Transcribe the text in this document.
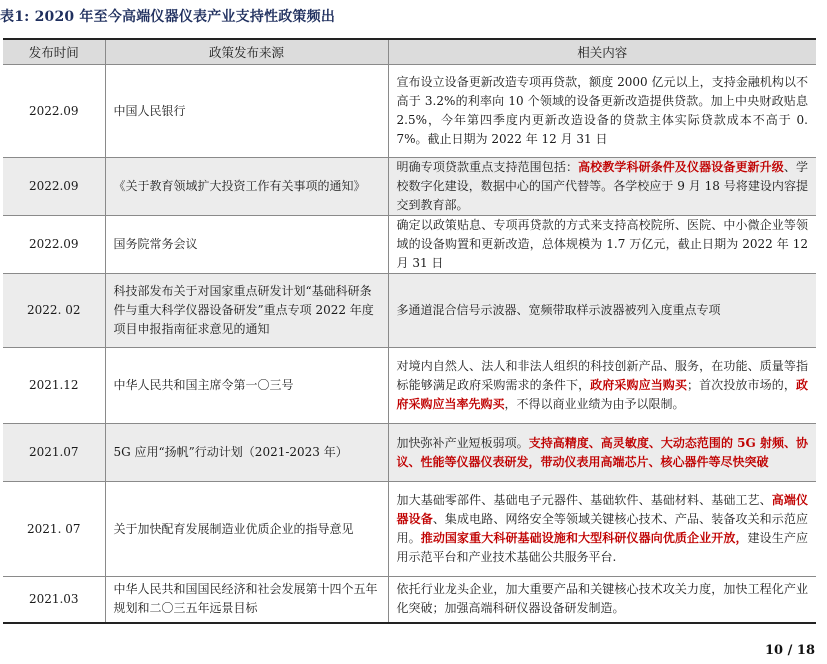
表1: 2020 年至今高端仪器仪表产业支持性政策频出
发布时间	政策发布来源	相关内容
2022.09	中国人民银行	宣布设立设备更新改造专项再贷款，额度 2000 亿元以上，支持金融机构以不高于 3.2%的利率向 10 个领域的设备更新改造提供贷款。加上中央财政贴息 2.5%，今年第四季度内更新改造设备的贷款主体实际贷款成本不高于 0.7%。截止日期为 2022 年 12 月 31 日
2022.09	《关于教育领域扩大投资工作有关事项的通知》	明确专项贷款重点支持范围包括：高校教学科研条件及仪器设备更新升级、学校数字化建设，数据中心的国产代替等。各学校应于 9 月 18 号将建设内容提交到教育部。
2022.09	国务院常务会议	确定以政策贴息、专项再贷款的方式来支持高校院所、医院、中小微企业等领域的设备购置和更新改造，总体规模为 1.7 万亿元，截止日期为 2022 年 12 月 31 日
2022. 02	科技部发布关于对国家重点研发计划“基础科研条件与重大科学仪器设备研发”重点专项 2022 年度项目申报指南征求意见的通知	多通道混合信号示波器、宽频带取样示波器被列入度重点专项
2021.12	中华人民共和国主席令第一〇三号	对境内自然人、法人和非法人组织的科技创新产品、服务，在功能、质量等指标能够满足政府采购需求的条件下，政府采购应当购买；首次投放市场的，政府采购应当率先购买，不得以商业业绩为由予以限制。
2021.07	5G 应用“扬帆”行动计划（2021-2023 年）	加快弥补产业短板弱项。支持高精度、高灵敏度、大动态范围的 5G 射频、协议、性能等仪器仪表研发，带动仪表用高端芯片、核心器件等尽快突破
2021. 07	关于加快配育发展制造业优质企业的指导意见	加大基础零部件、基础电子元器件、基础软件、基础材料、基础工艺、高端仪器设备、集成电路、网络安全等领域关键核心技术、产品、装备攻关和示范应用。推动国家重大科研基础设施和大型科研仪器向优质企业开放，建设生产应用示范平台和产业技术基础公共服务平台.
2021.03	中华人民共和国国民经济和社会发展第十四个五年规划和二〇三五年远景目标	依托行业龙头企业，加大重要产品和关键核心技术攻关力度，加快工程化产业化突破；加强高端科研仪器设备研发制造。
10 / 18
